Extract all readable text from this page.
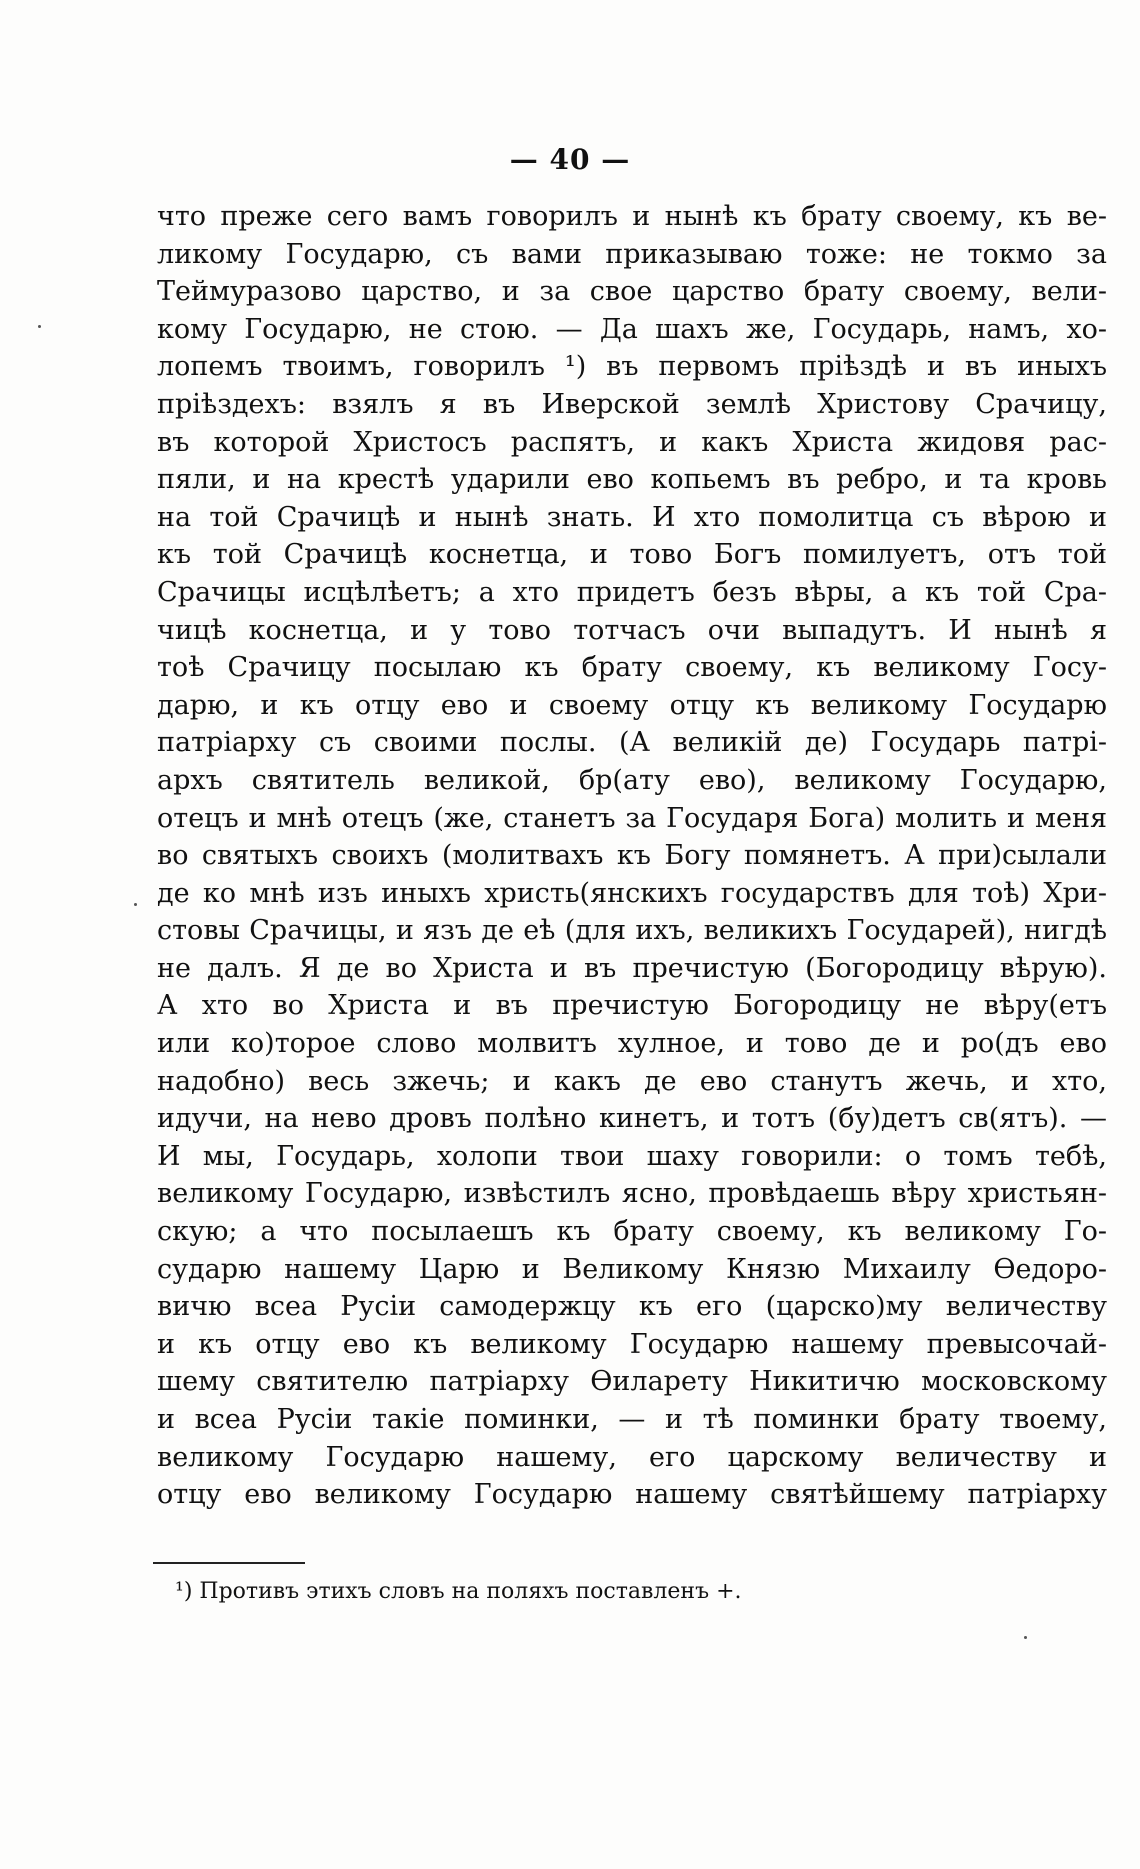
— 40 —
что преже сего вамъ говорилъ и нынѣ къ брату своему, къ ве-
ликому Государю, съ вами приказываю тоже: не токмо за
Теймуразово царство, и за свое царство брату своему, вели-
кому Государю, не стою. — Да шахъ же, Государь, намъ, хо-
лопемъ твоимъ, говорилъ ¹) въ первомъ пріѣздѣ и въ иныхъ
пріѣздехъ: взялъ я въ Иверской землѣ Христову Срачицу,
въ которой Христосъ распятъ, и какъ Христа жидовя рас-
пяли, и на крестѣ ударили ево копьемъ въ ребро, и та кровь
на той Срачицѣ и нынѣ знать. И хто помолитца съ вѣрою и
къ той Срачицѣ коснетца, и тово Богъ помилуетъ, отъ той
Срачицы исцѣлѣетъ; а хто придетъ безъ вѣры, а къ той Сра-
чицѣ коснетца, и у тово тотчасъ очи выпадутъ. И нынѣ я
тоѣ Срачицу посылаю къ брату своему, къ великому Госу-
дарю, и къ отцу ево и своему отцу къ великому Государю
патріарху съ своими послы. (А великій де) Государь патрі-
архъ святитель великой, бр(ату ево), великому Государю,
отецъ и мнѣ отецъ (же, станетъ за Государя Бога) молить и меня
во святыхъ своихъ (молитвахъ къ Богу помянетъ. А при)сылали
де ко мнѣ изъ иныхъ христь(янскихъ государствъ для тоѣ) Хри-
стовы Срачицы, и язъ де еѣ (для ихъ, великихъ Государей), нигдѣ
не далъ. Я де во Христа и въ пречистую (Богородицу вѣрую).
А хто во Христа и въ пречистую Богородицу не вѣру(етъ
или ко)торое слово молвитъ хулное, и тово де и ро(дъ ево
надобно) весь зжечь; и какъ де ево станутъ жечь, и хто,
идучи, на нево дровъ полѣно кинетъ, и тотъ (бу)детъ св(ятъ). —
И мы, Государь, холопи твои шаху говорили: о томъ тебѣ,
великому Государю, извѣстилъ ясно, провѣдаешь вѣру христьян-
скую; а что посылаешъ къ брату своему, къ великому Го-
сударю нашему Царю и Великому Князю Михаилу Ѳедоро-
вичю всеа Русіи самодержцу къ его (царско)му величеству
и къ отцу ево къ великому Государю нашему превысочай-
шему святителю патріарху Ѳиларету Никитичю московскому
и всеа Русіи такіе поминки, — и тѣ поминки брату твоему,
великому Государю нашему, его царскому величеству и
отцу ево великому Государю нашему святѣйшему патріарху
¹) Противъ этихъ словъ на поляхъ поставленъ +.
